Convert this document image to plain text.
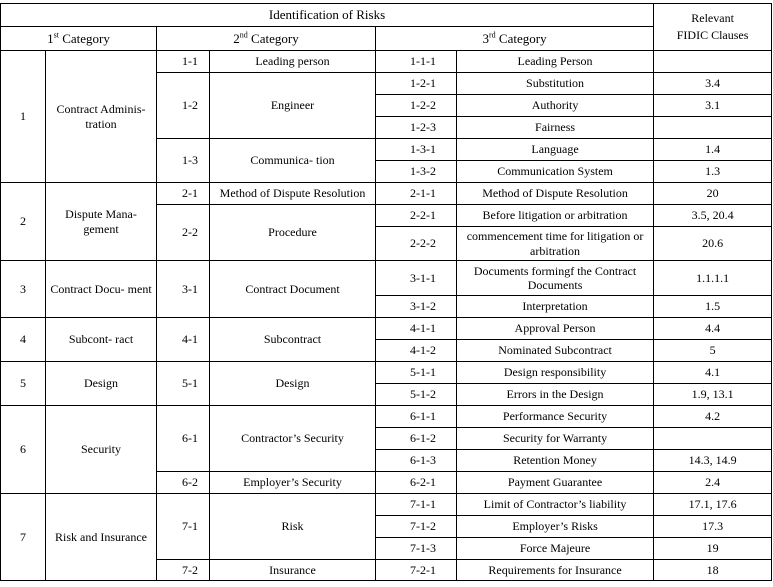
Identification of Risks						Relevant
FIDIC Clauses

1st Category		2nd Category		3rd Category		
1	Contract Adminis- tration	1-1	Leading person	1-1-1	Leading Person	
		1-2	Engineer	1-2-1	Substitution	3.4
				1-2-2	Authority	3.1
				1-2-3	Fairness	
		1-3	Communica- tion	1-3-1	Language	1.4
				1-3-2	Communication System	1.3
2	Dispute Mana- gement	2-1	Method of Dispute Resolution	2-1-1	Method of Dispute Resolution	20
		2-2	Procedure	2-2-1	Before litigation or arbitration	3.5, 20.4
				2-2-2	commencement time for litigation or arbitration	20.6
3	Contract Docu- ment	3-1	Contract Document	3-1-1	Documents formingf the Contract Documents	1.1.1.1
				3-1-2	Interpretation	1.5
4	Subcont- ract	4-1	Subcontract	4-1-1	Approval Person	4.4
				4-1-2	Nominated Subcontract	5
5	Design	5-1	Design	5-1-1	Design responsibility	4.1
				5-1-2	Errors in the Design	1.9, 13.1
6	Security	6-1	Contractor’s Security	6-1-1	Performance Security	4.2
				6-1-2	Security for Warranty	
				6-1-3	Retention Money	14.3, 14.9
		6-2	Employer’s Security	6-2-1	Payment Guarantee	2.4
7	Risk and Insurance	7-1	Risk	7-1-1	Limit of Contractor’s liability	17.1, 17.6
				7-1-2	Employer’s Risks	17.3
				7-1-3	Force Majeure	19
		7-2	Insurance	7-2-1	Requirements for Insurance	18
